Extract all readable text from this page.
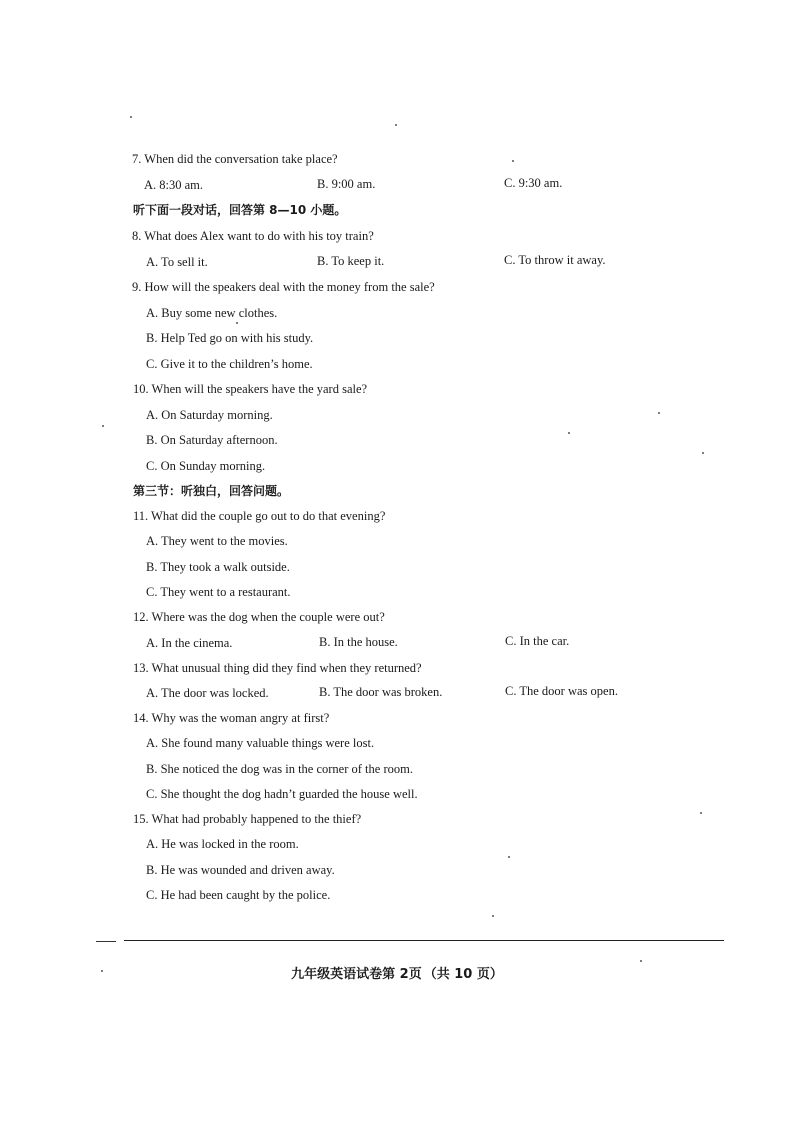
7. When did the conversation take place?
A. 8:30 am.	B. 9:00 am.	C. 9:30 am.
听下面一段对话，回答第 8—10 小题。
8. What does Alex want to do with his toy train?
A. To sell it.	B. To keep it.	C. To throw it away.
9. How will the speakers deal with the money from the sale?
A. Buy some new clothes.
B. Help Ted go on with his study.
C. Give it to the children’s home.
10. When will the speakers have the yard sale?
A. On Saturday morning.
B. On Saturday afternoon.
C. On Sunday morning.
第三节：听独白，回答问题。
11. What did the couple go out to do that evening?
A. They went to the movies.
B. They took a walk outside.
C. They went to a restaurant.
12. Where was the dog when the couple were out?
A. In the cinema.	B. In the house.	C. In the car.
13. What unusual thing did they find when they returned?
A. The door was locked.	B. The door was broken.	C. The door was open.
14. Why was the woman angry at first?
A. She found many valuable things were lost.
B. She noticed the dog was in the corner of the room.
C. She thought the dog hadn’t guarded the house well.
15. What had probably happened to the thief?
A. He was locked in the room.
B. He was wounded and driven away.
C. He had been caught by the police.
九年级英语试卷第 2页 （共 10 页）
